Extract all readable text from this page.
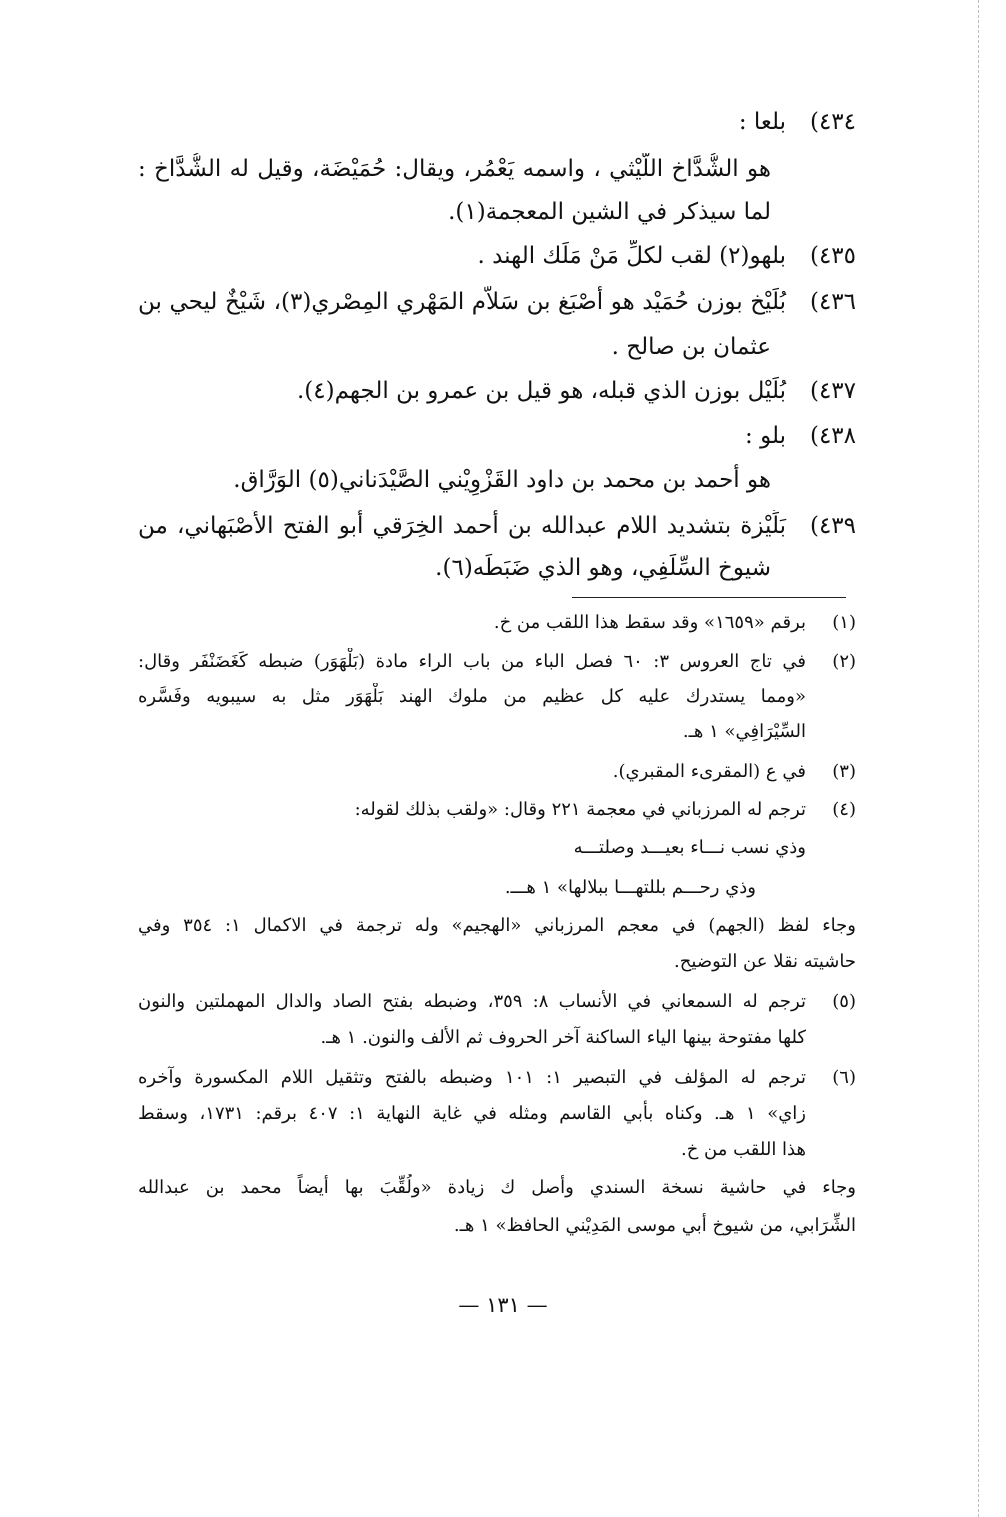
٤٣٤)بلعا :
هو الشُّدَّاخ اللَّيْثي ، واسمه يَعْمُر، ويقال: حُمَيْضَة، وقيل له الشُّدَّاخ :
لما سيذكر في الشين المعجمة(١).
٤٣٥)بلهو(٢) لقب لكلِّ مَنْ مَلَك الهند .
٤٣٦)بُلَيْخ بوزن حُمَيْد هو أَصْبَغ بن سَلاَّم المَهْري المِصْري(٣)، شَيْخٌ ليحي بن
عثمان بن صالح .
٤٣٧)بُلَيْل بوزن الذي قبله، هو قيل بن عمرو بن الجهم(٤).
٤٣٨)بلو :
هو أحمد بن محمد بن داود القَزْوِيْني الصَّيْدَناني(٥) الوَرَّاق.
٤٣٩)بَلِّيْزة بتشديد اللام عبدالله بن أحمد الخِرَقي أبو الفتح الأَصْبَهاني، من
شيوخ السِّلَفِي، وهو الذي ضَبَطَه(٦).
(١)برقم «١٦٥٩» وقد سقط هذا اللقب من خ.
(٢)في تاج العروس ٣: ٦٠ فصل الباء من باب الراء مادة (بَلْهَوَر) ضبطه كَغَضَنْفَر وقال:
«ومما يستدرك عليه كل عظيم من ملوك الهند بَلْهَوَر مثل به سيبويه وفَسَّره
السِّيْرَافِي» ١ هـ.
(٣)في ع (المقرىء المقبري).
(٤)ترجم له المرزباني في معجمة ٢٢١ وقال: «ولقب بذلك لقوله:
وذي نسب نـــاء بعيـــد وصلتـــه
وذي رحـــم بللتهـــا ببلالها» ١ هـــ.
وجاء لفظ (الجهم) في معجم المرزباني «الهجيم» وله ترجمة في الاكمال ١: ٣٥٤ وفي
حاشيته نقلا عن التوضيح.
(٥)ترجم له السمعاني في الأنساب ٨: ٣٥٩، وضبطه بفتح الصاد والدال المهملتين والنون
كلها مفتوحة بينها الياء الساكنة آخر الحروف ثم الألف والنون. ١ هـ.
(٦)ترجم له المؤلف في التبصير ١: ١٠١ وضبطه بالفتح وتثقيل اللام المكسورة وآخره
زاي» ١ هـ. وكناه بأبي القاسم ومثله في غاية النهاية ١: ٤٠٧ برقم: ١٧٣١، وسقط
هذا اللقب من خ.
وجاء في حاشية نسخة السندي وأصل ك زيادة «ولُقِّبَ بها أيضاً محمد بن عبدالله
الشِّرَابي، من شيوخ أبي موسى المَدِيْني الحافظ» ١ هـ.
— ١٣١ —
